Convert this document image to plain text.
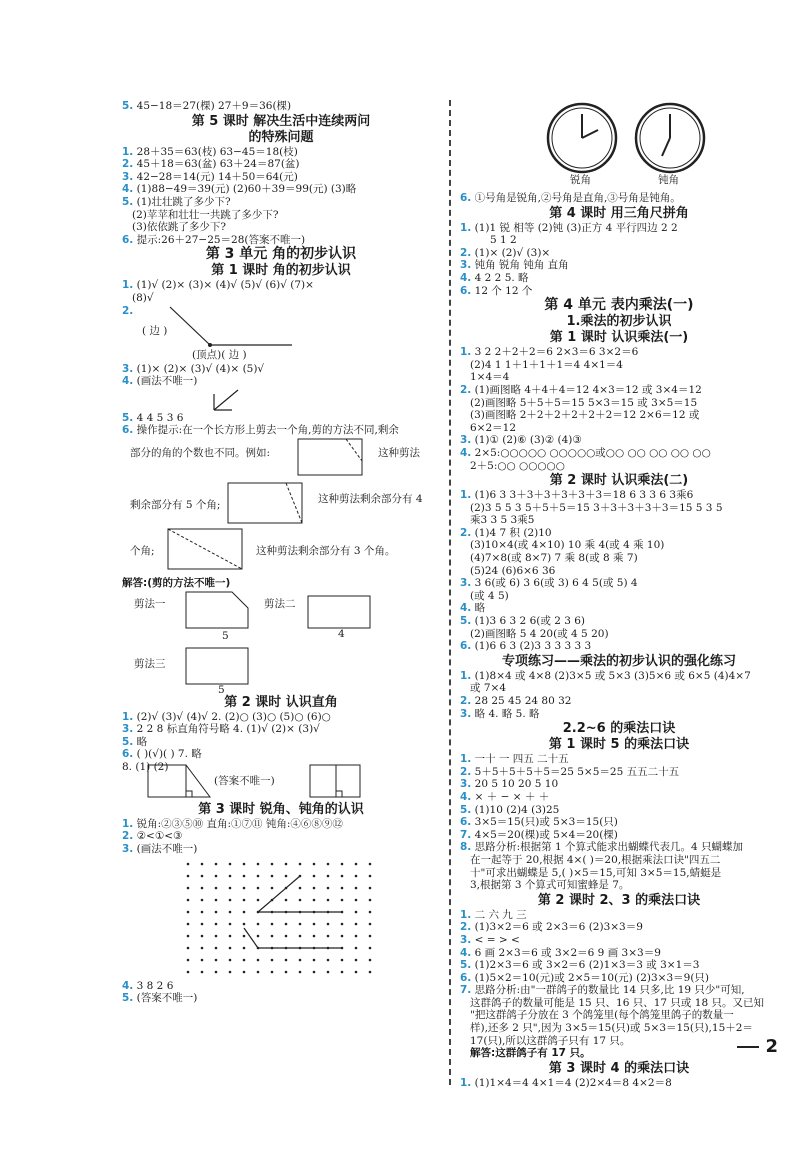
5. 45−18＝27(棵) 27＋9＝36(棵)
第 5 课时 解决生活中连续两问
的特殊问题
1. 28＋35＝63(枝) 63−45＝18(枝)
2. 45＋18＝63(盆) 63＋24＝87(盆)
3. 42−28＝14(元) 14＋50＝64(元)
4. (1)88−49＝39(元) (2)60＋39＝99(元) (3)略
5. (1)壮壮跳了多少下?
(2)苹苹和壮壮一共跳了多少下?
(3)依依跳了多少下?
6. 提示:26＋27−25＝28(答案不唯一)
第 3 单元 角的初步认识
第 1 课时 角的初步认识
1. (1)√ (2)× (3)× (4)√ (5)√ (6)√ (7)×
(8)√
2.
( 边 )
(顶点)( 边 )
3. (1)× (2)× (3)√ (4)× (5)√
4. (画法不唯一)
5. 4 4 5 3 6
6. 操作提示:在一个长方形上剪去一个角,剪的方法不同,剩余
部分的角的个数也不同。例如:	这种剪法
剩余部分有 5 个角;	这种剪法剩余部分有 4
个角;	这种剪法剩余部分有 3 个角。
解答:(剪的方法不唯一)
剪法一
5
剪法二
4
剪法三
5
第 2 课时 认识直角
1. (2)√ (3)√ (4)√ 2. (2)○ (3)○ (5)○ (6)○
3. 2 2 8 标直角符号略 4. (1)√ (2)× (3)√
5. 略
6. ( )(√)( ) 7. 略
8. (1) (2)
(答案不唯一)
第 3 课时 锐角、钝角的认识
1. 锐角:②③⑤⑩ 直角:①⑦⑪ 钝角:④⑥⑧⑨⑫
2. ②<①<③
3. (画法不唯一)
4. 3 8 2 6
5. (答案不唯一)
锐角	钝角
6. ①号角是锐角,②号角是直角,③号角是钝角。
第 4 课时 用三角尺拼角
1. (1)1 锐 相等 (2)钝 (3)正方 4 平行四边 2 2
5 1 2
2. (1)× (2)√ (3)×
3. 钝角 锐角 钝角 直角
4. 4 2 2 5. 略
6. 12 个 12 个
第 4 单元 表内乘法(一)
1.乘法的初步认识
第 1 课时 认识乘法(一)
1. 3 2 2＋2＋2＝6 2×3＝6 3×2＝6
(2)4 1 1＋1＋1＋1＝4 4×1＝4
1×4＝4
2. (1)画图略 4＋4＋4＝12 4×3＝12 或 3×4＝12
(2)画图略 5＋5＋5＝15 5×3＝15 或 3×5＝15
(3)画图略 2＋2＋2＋2＋2＋2＝12 2×6＝12 或
6×2＝12
3. (1)① (2)⑥ (3)② (4)③
4. 2×5:○○○○○ ○○○○○或○○ ○○ ○○ ○○ ○○
2＋5:○○ ○○○○○
第 2 课时 认识乘法(二)
1. (1)6 3 3＋3＋3＋3＋3＋3＝18 6 3 3 6 3乘6
(2)3 5 5 3 5＋5＋5＝15 3＋3＋3＋3＋3＝15 5 3 5
乘3 3 5 3乘5
2. (1)4 7 积 (2)10
(3)10×4(或 4×10) 10 乘 4(或 4 乘 10)
(4)7×8(或 8×7) 7 乘 8(或 8 乘 7)
(5)24 (6)6×6 36
3. 3 6(或 6) 3 6(或 3) 6 4 5(或 5) 4
(或 4 5)
4. 略
5. (1)3 6 3 2 6(或 2 3 6)
(2)画图略 5 4 20(或 4 5 20)
6. (1)6 6 3 (2)3 3 3 3 3 3
专项练习——乘法的初步认识的强化练习
1. (1)8×4 或 4×8 (2)3×5 或 5×3 (3)5×6 或 6×5 (4)4×7
或 7×4
2. 28 25 45 24 80 32
3. 略 4. 略 5. 略
2.2~6 的乘法口诀
第 1 课时 5 的乘法口诀
1. 一十 一 四五 二十五
2. 5＋5＋5＋5＋5＝25 5×5＝25 五五二十五
3. 20 5 10 20 5 10
4. × ＋ − × ＋ ＋
5. (1)10 (2)4 (3)25
6. 3×5＝15(只)或 5×3＝15(只)
7. 4×5＝20(棵)或 5×4＝20(棵)
8. 思路分析:根据第 1 个算式能求出蝴蝶代表几。4 只蝴蝶加
在一起等于 20,根据 4×( )＝20,根据乘法口诀"四五二
十"可求出蝴蝶是 5,( )×5＝15,可知 3×5＝15,蜻蜓是
3,根据第 3 个算式可知蜜蜂是 7。
第 2 课时 2、3 的乘法口诀
1. 二 六 九 三
2. (1)3×2＝6 或 2×3＝6 (2)3×3＝9
3. < = > <
4. 6 画 2×3＝6 或 3×2＝6 9 画 3×3＝9
5. (1)2×3＝6 或 3×2＝6 (2)1×3＝3 或 3×1＝3
6. (1)5×2＝10(元)或 2×5＝10(元) (2)3×3＝9(只)
7. 思路分析:由"一群鸽子的数量比 14 只多,比 19 只少"可知,
这群鸽子的数量可能是 15 只、16 只、17 只或 18 只。又已知
"把这群鸽子分放在 3 个鸽笼里(每个鸽笼里鸽子的数量一
样),还多 2 只",因为 3×5＝15(只)或 5×3＝15(只),15＋2＝
17(只),所以这群鸽子只有 17 只。
解答:这群鸽子有 17 只。
第 3 课时 4 的乘法口诀
1. (1)1×4＝4 4×1＝4 (2)2×4＝8 4×2＝8
2
